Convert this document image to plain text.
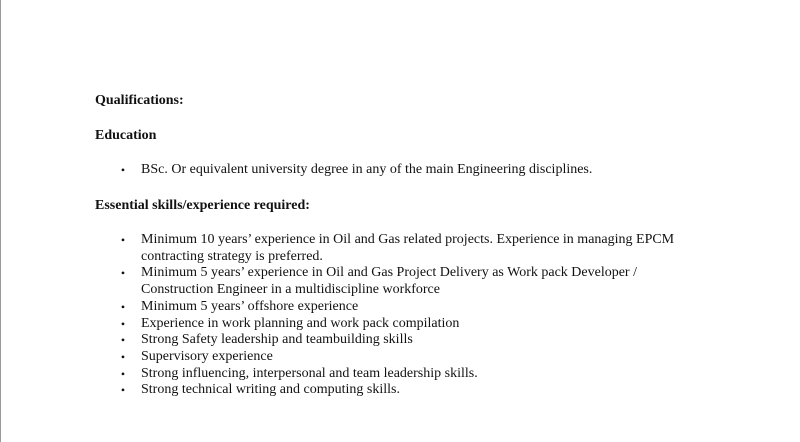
Qualifications:

Education

• BSc. Or equivalent university degree in any of the main Engineering disciplines.

Essential skills/experience required:

• Minimum 10 years’ experience in Oil and Gas related projects. Experience in managing EPCM contracting strategy is preferred.
• Minimum 5 years’ experience in Oil and Gas Project Delivery as Work pack Developer / Construction Engineer in a multidiscipline workforce
• Minimum 5 years’ offshore experience
• Experience in work planning and work pack compilation
• Strong Safety leadership and teambuilding skills
• Supervisory experience
• Strong influencing, interpersonal and team leadership skills.
• Strong technical writing and computing skills.
